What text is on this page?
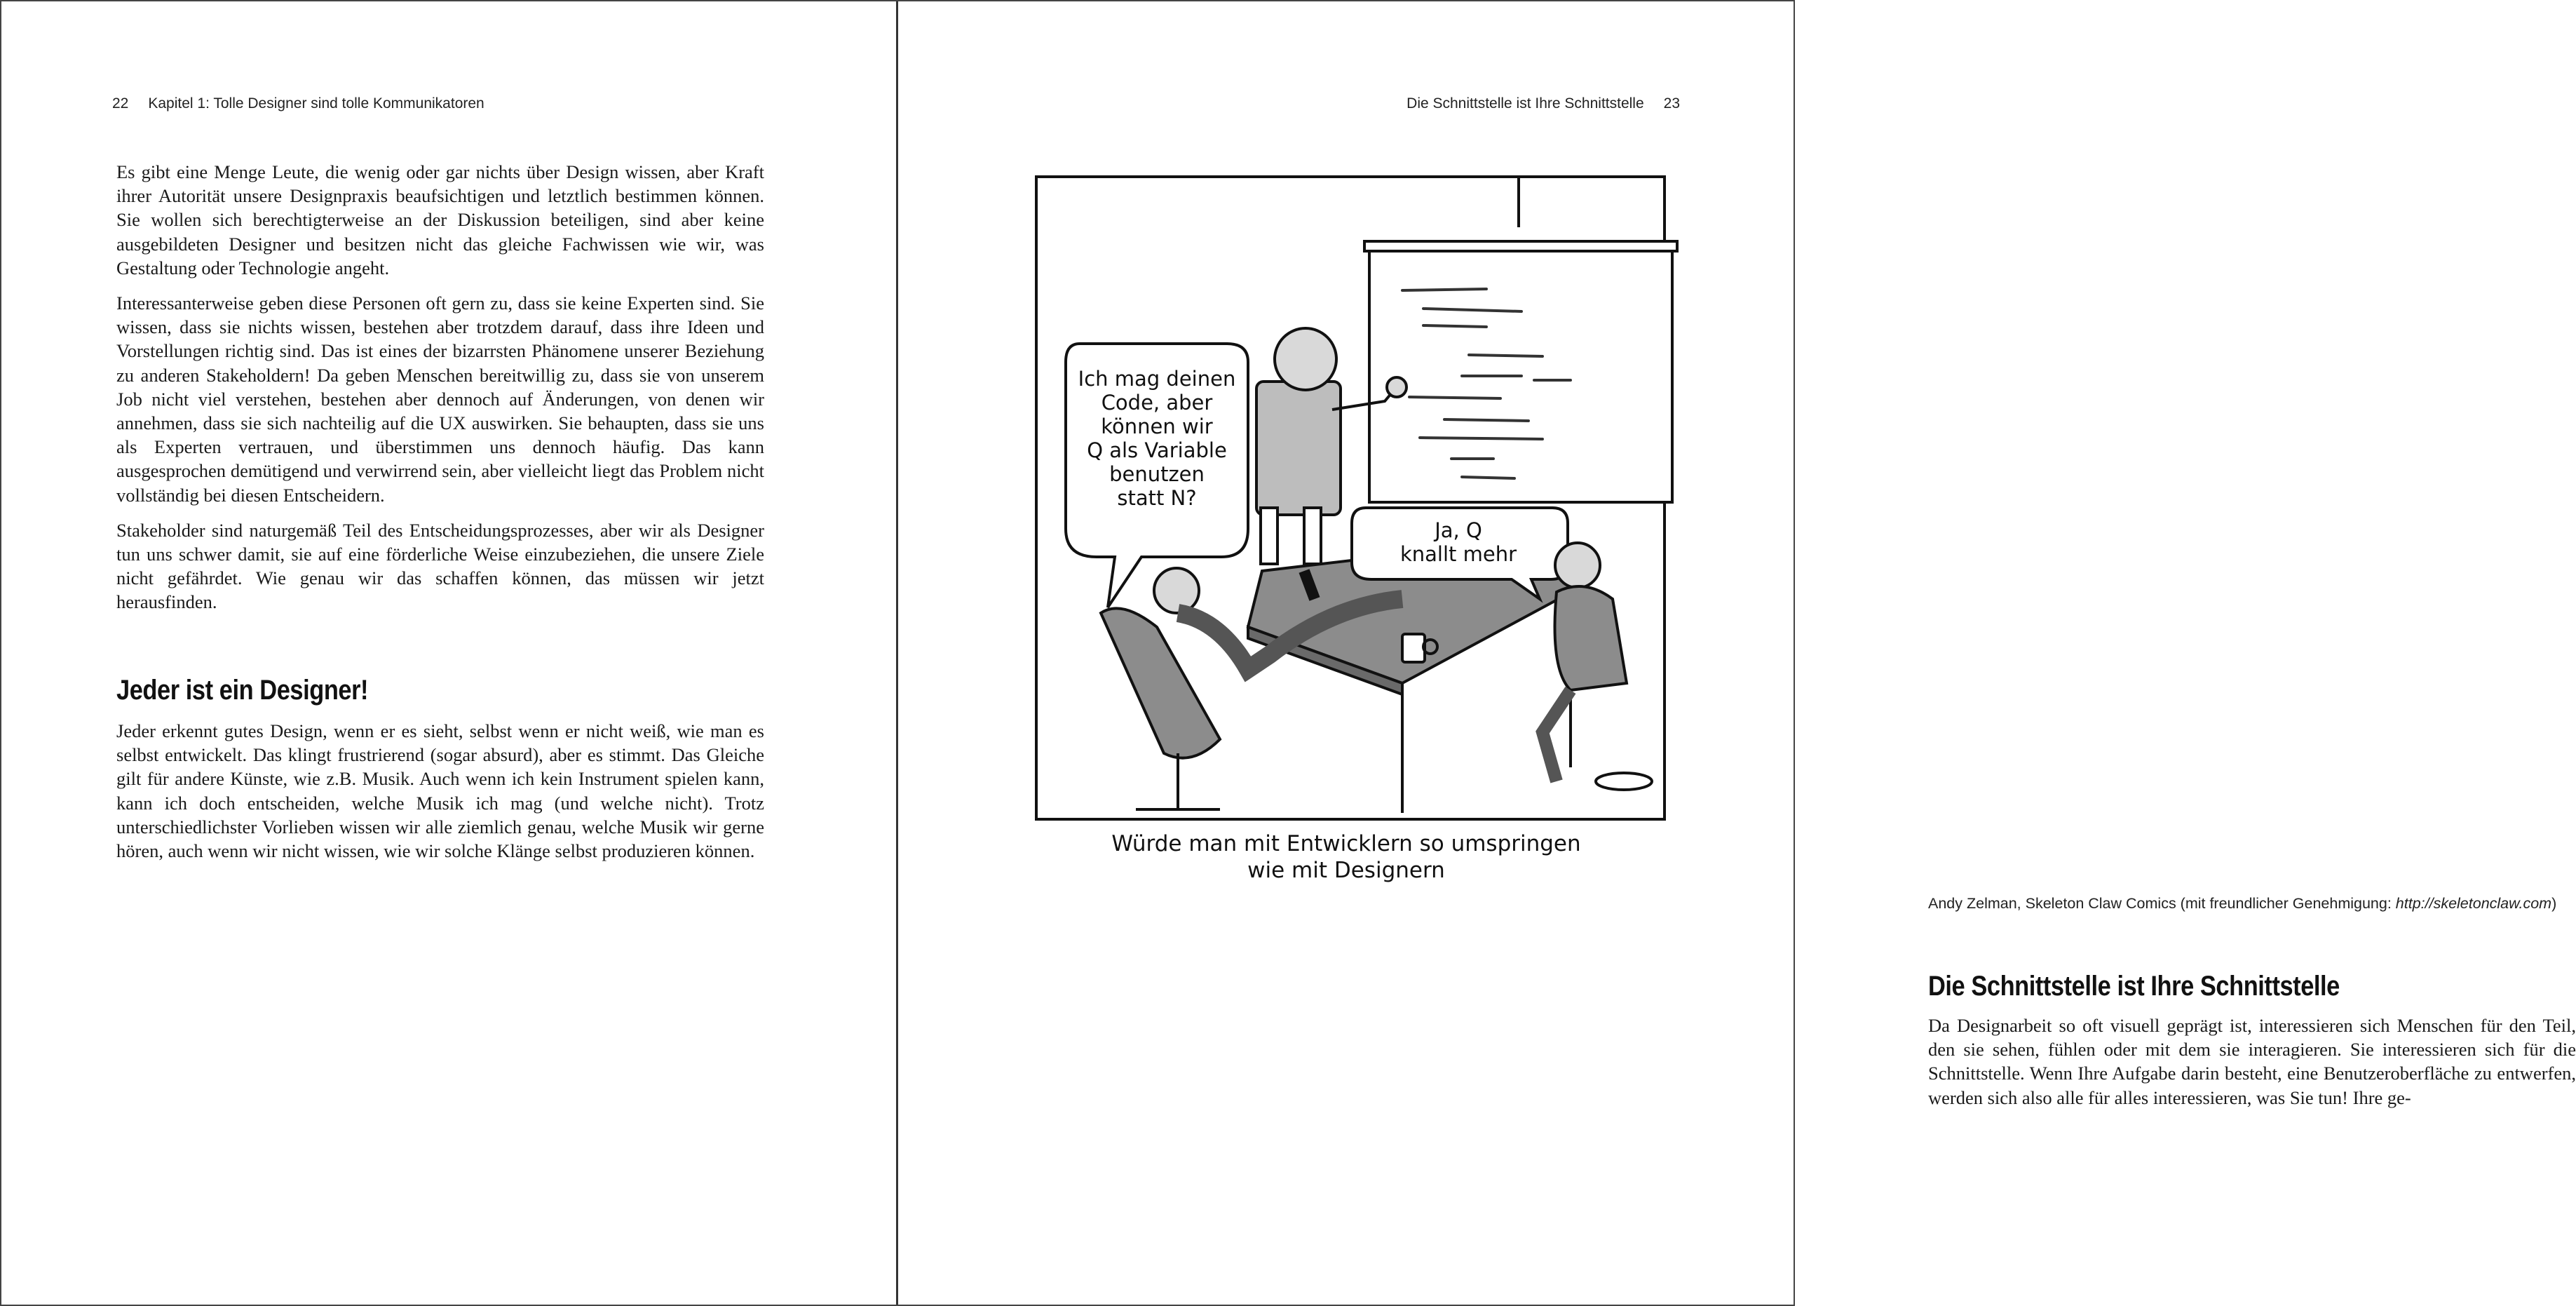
22 Kapitel 1: Tolle Designer sind tolle Kommunikatoren

Es gibt eine Menge Leute, die wenig oder gar nichts über Design wissen, aber Kraft ihrer Autorität unsere Designpraxis beaufsichtigen und letztlich bestimmen können. Sie wollen sich berechtigterweise an der Diskussion beteiligen, sind aber keine ausgebildeten Designer und besitzen nicht das gleiche Fachwissen wie wir, was Gestaltung oder Technologie angeht.

Interessanterweise geben diese Personen oft gern zu, dass sie keine Experten sind. Sie wissen, dass sie nichts wissen, bestehen aber trotzdem darauf, dass ihre Ideen und Vorstellungen richtig sind. Das ist eines der bizarrsten Phänomene unserer Beziehung zu anderen Stakeholdern! Da geben Menschen bereitwillig zu, dass sie von unserem Job nicht viel verstehen, bestehen aber dennoch auf Änderungen, von denen wir annehmen, dass sie sich nachteilig auf die UX auswirken. Sie behaupten, dass sie uns als Experten vertrauen, und überstimmen uns dennoch häufig. Das kann ausgesprochen demütigend und verwirrend sein, aber vielleicht liegt das Problem nicht vollständig bei diesen Entscheidern.

Stakeholder sind naturgemäß Teil des Entscheidungsprozesses, aber wir als Designer tun uns schwer damit, sie auf eine förderliche Weise einzubeziehen, die unsere Ziele nicht gefährdet. Wie genau wir das schaffen können, das müssen wir jetzt herausfinden.

Jeder ist ein Designer!

Jeder erkennt gutes Design, wenn er es sieht, selbst wenn er nicht weiß, wie man es selbst entwickelt. Das klingt frustrierend (sogar absurd), aber es stimmt. Das Gleiche gilt für andere Künste, wie z.B. Musik. Auch wenn ich kein Instrument spielen kann, kann ich doch entscheiden, welche Musik ich mag (und welche nicht). Trotz unterschiedlichster Vorlieben wissen wir alle ziemlich genau, welche Musik wir gerne hören, auch wenn wir nicht wissen, wie wir solche Klänge selbst produzieren können.

Die Schnittstelle ist Ihre Schnittstelle 23
Ich mag deinen
Code, aber
können wir
Q als Variable
benutzen
statt N?
Ja, Q
knallt mehr
Andy Zelman, Skeleton Claw Comics (mit freundlicher Genehmigung: http://skeletonclaw.com)
Die Schnittstelle ist Ihre Schnittstelle

Da Designarbeit so oft visuell geprägt ist, interessieren sich Menschen für den Teil, den sie sehen, fühlen oder mit dem sie interagieren. Sie interessieren sich für die Schnittstelle. Wenn Ihre Aufgabe darin besteht, eine Benutzeroberfläche zu entwerfen, werden sich also alle für alles interessieren, was Sie tun! Ihre ge-

Würde man mit Entwicklern so umspringen
wie mit Designern
